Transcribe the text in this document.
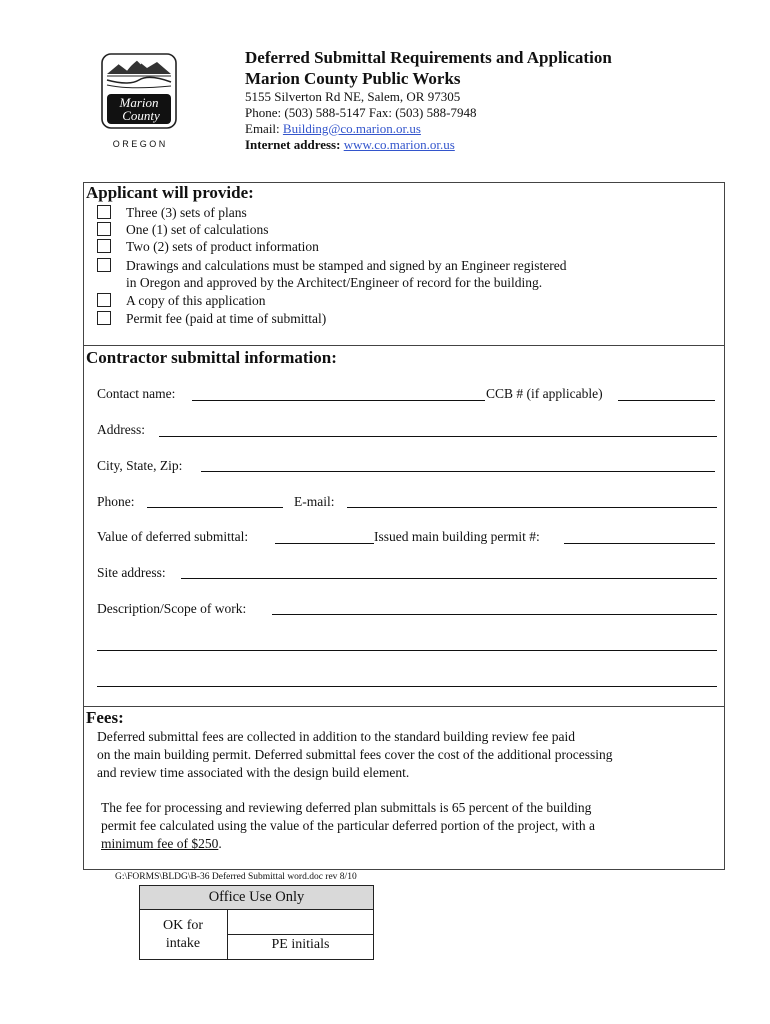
Marion
County
O R E G O N
Deferred Submittal Requirements and Application
Marion County Public Works
5155 Silverton Rd NE, Salem, OR 97305
Phone: (503) 588-5147 Fax: (503) 588-7948
Email: Building@co.marion.or.us
Internet address: www.co.marion.or.us
Applicant will provide:
Three (3) sets of plans
One (1) set of calculations
Two (2) sets of product information
Drawings and calculations must be stamped and signed by an Engineer registered
in Oregon and approved by the Architect/Engineer of record for the building.
A copy of this application
Permit fee (paid at time of submittal)
Contractor submittal information:
Contact name:	CCB # (if applicable)
Address:
City, State, Zip:
Phone:	E-mail:
Value of deferred submittal:	Issued main building permit #:
Site address:
Description/Scope of work:
Fees:
Deferred submittal fees are collected in addition to the standard building review fee paid
on the main building permit. Deferred submittal fees cover the cost of the additional processing
and review time associated with the design build element.
The fee for processing and reviewing deferred plan submittals is 65 percent of the building
permit fee calculated using the value of the particular deferred portion of the project, with a
minimum fee of $250.
G:\FORMS\BLDG\B-36 Deferred Submittal word.doc rev 8/10
Office Use Only
OK for
intake	PE initials
